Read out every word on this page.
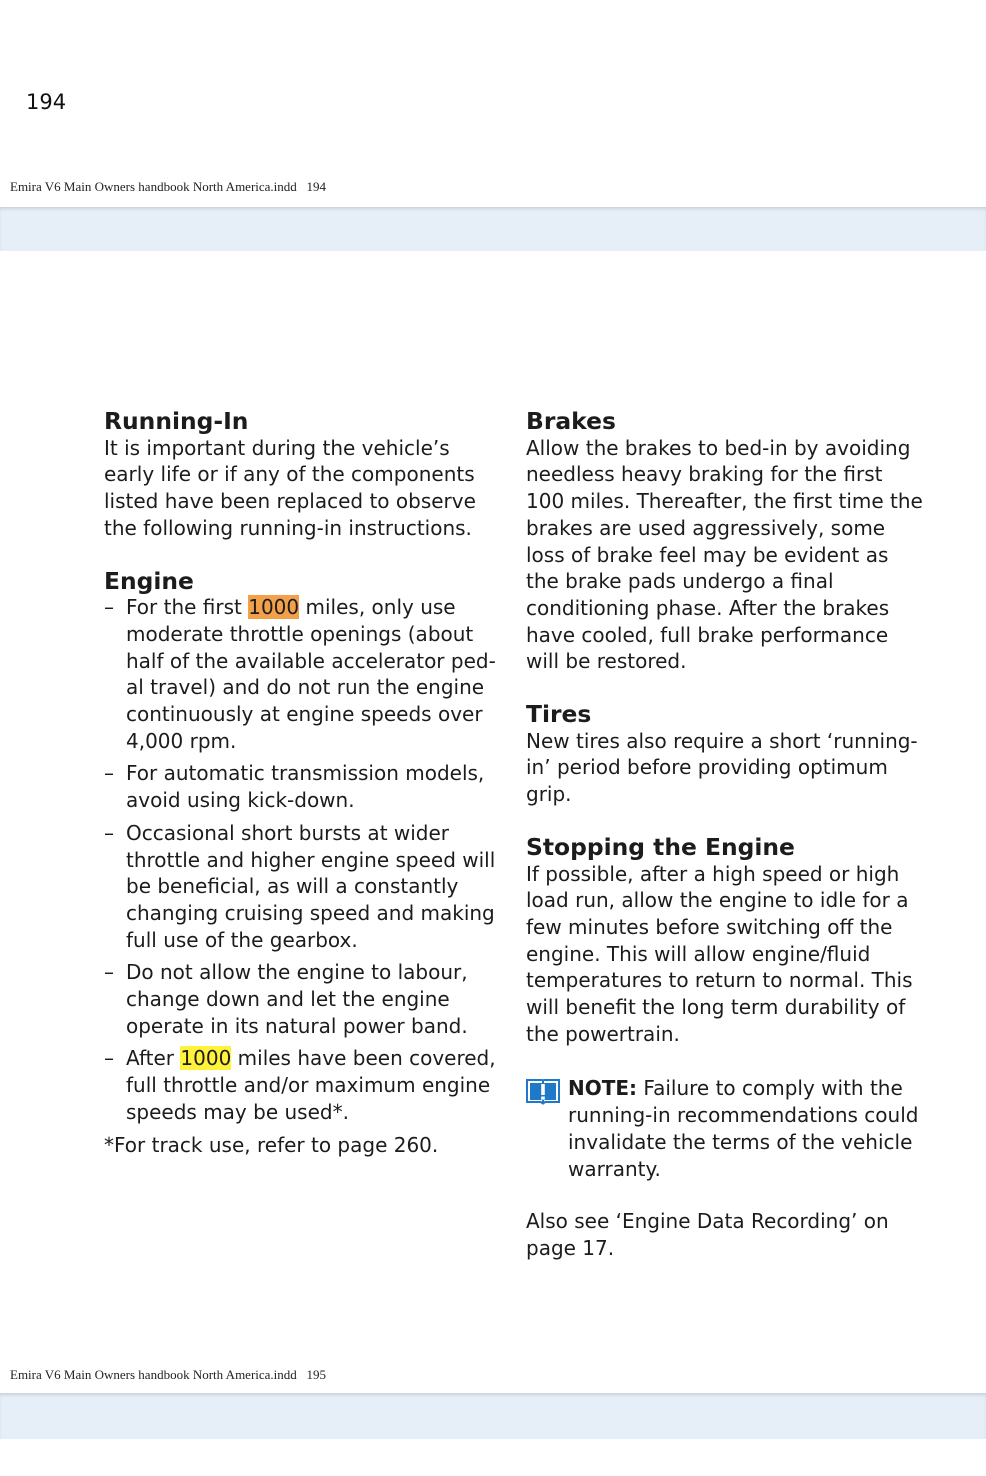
194
Emira V6 Main Owners handbook North America.indd   194
Running-In

It is important during the vehicle’s early life or if any of the components listed have been replaced to observe the following running-in instructions.

Engine
– For the first 1000 miles, only use moderate throttle openings (about half of the available accelerator ped-al travel) and do not run the engine continuously at engine speeds over 4,000 rpm.
– For automatic transmission models, avoid using kick-down.
– Occasional short bursts at wider throttle and higher engine speed will be beneficial, as will a constantly changing cruising speed and making full use of the gearbox.
– Do not allow the engine to labour, change down and let the engine operate in its natural power band.
– After 1000 miles have been covered, full throttle and/or maximum engine speeds may be used*.

*For track use, refer to page 260.

Brakes

Allow the brakes to bed-in by avoiding needless heavy braking for the first 100 miles. Thereafter, the first time the brakes are used aggressively, some loss of brake feel may be evident as the brake pads undergo a final conditioning phase. After the brakes have cooled, full brake performance will be restored.

Tires

New tires also require a short ‘running-in’ period before providing optimum grip.

Stopping the Engine

If possible, after a high speed or high load run, allow the engine to idle for a few minutes before switching off the engine. This will allow engine/fluid temperatures to return to normal. This will benefit the long term durability of the powertrain.

NOTE: Failure to comply with the running-in recommendations could invalidate the terms of the vehicle warranty.

Also see ‘Engine Data Recording’ on page 17.

Emira V6 Main Owners handbook North America.indd   195
